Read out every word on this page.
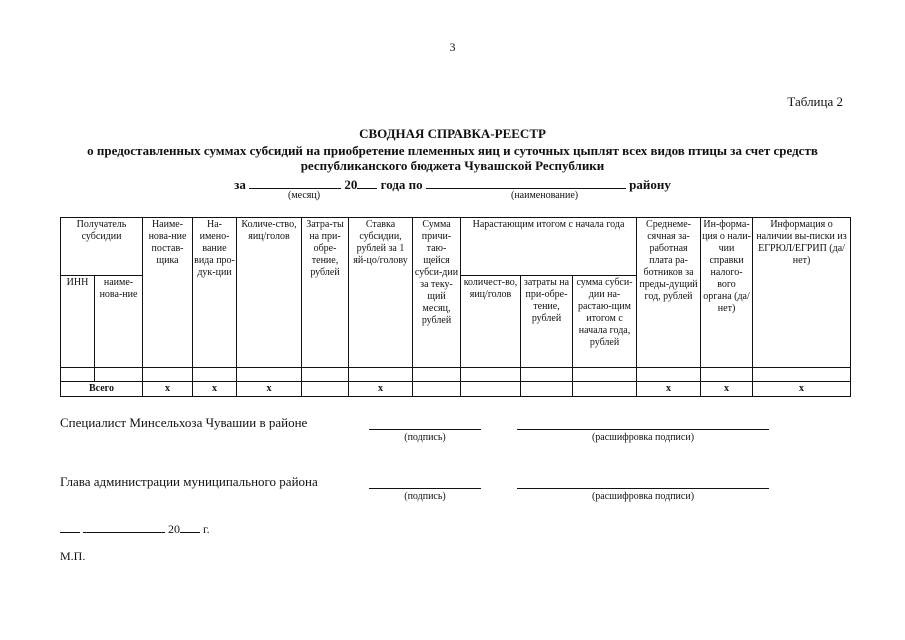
3
Таблица 2
СВОДНАЯ СПРАВКА-РЕЕСТР
о предоставленных суммах субсидий на приобретение племенных яиц и суточных цыплят всех видов птицы за счет средств республиканского бюджета Чувашской Республики
за	20 года по	району
(месяц)	(наименование)
Получатель субсидии		Наиме-нова-ние постав-щика	На-имено-вание вида про-дук-ции	Количе-ство, яиц/голов	Затра-ты на при-обре-тение, рублей	Ставка субсидии, рублей за 1 яй-цо/голову	Сумма причи-таю-щейся субси-дии за теку-щий месяц, рублей	Нарастающим итогом с начала года			Среднеме-сячная за-работная плата ра-ботников за преды-дущий год, рублей	Ин-форма-ция о нали-чии справки налого-вого органа (да/нет)	Информация о наличии вы-писки из ЕГРЮЛ/ЕГРИП (да/нет)
ИНН	наиме-нова-ние							количест-во, яиц/голов	затраты на при-обре-тение, рублей	сумма субси-дии на-растаю-щим итогом с начала года, рублей			

Всего		х	х	х		х					х	х	х
Специалист Минсельхоза Чувашии в районе
(подпись)	(расшифровка подписи)
Глава администрации муниципального района
(подпись)	(расшифровка подписи)
20 г.
М.П.
